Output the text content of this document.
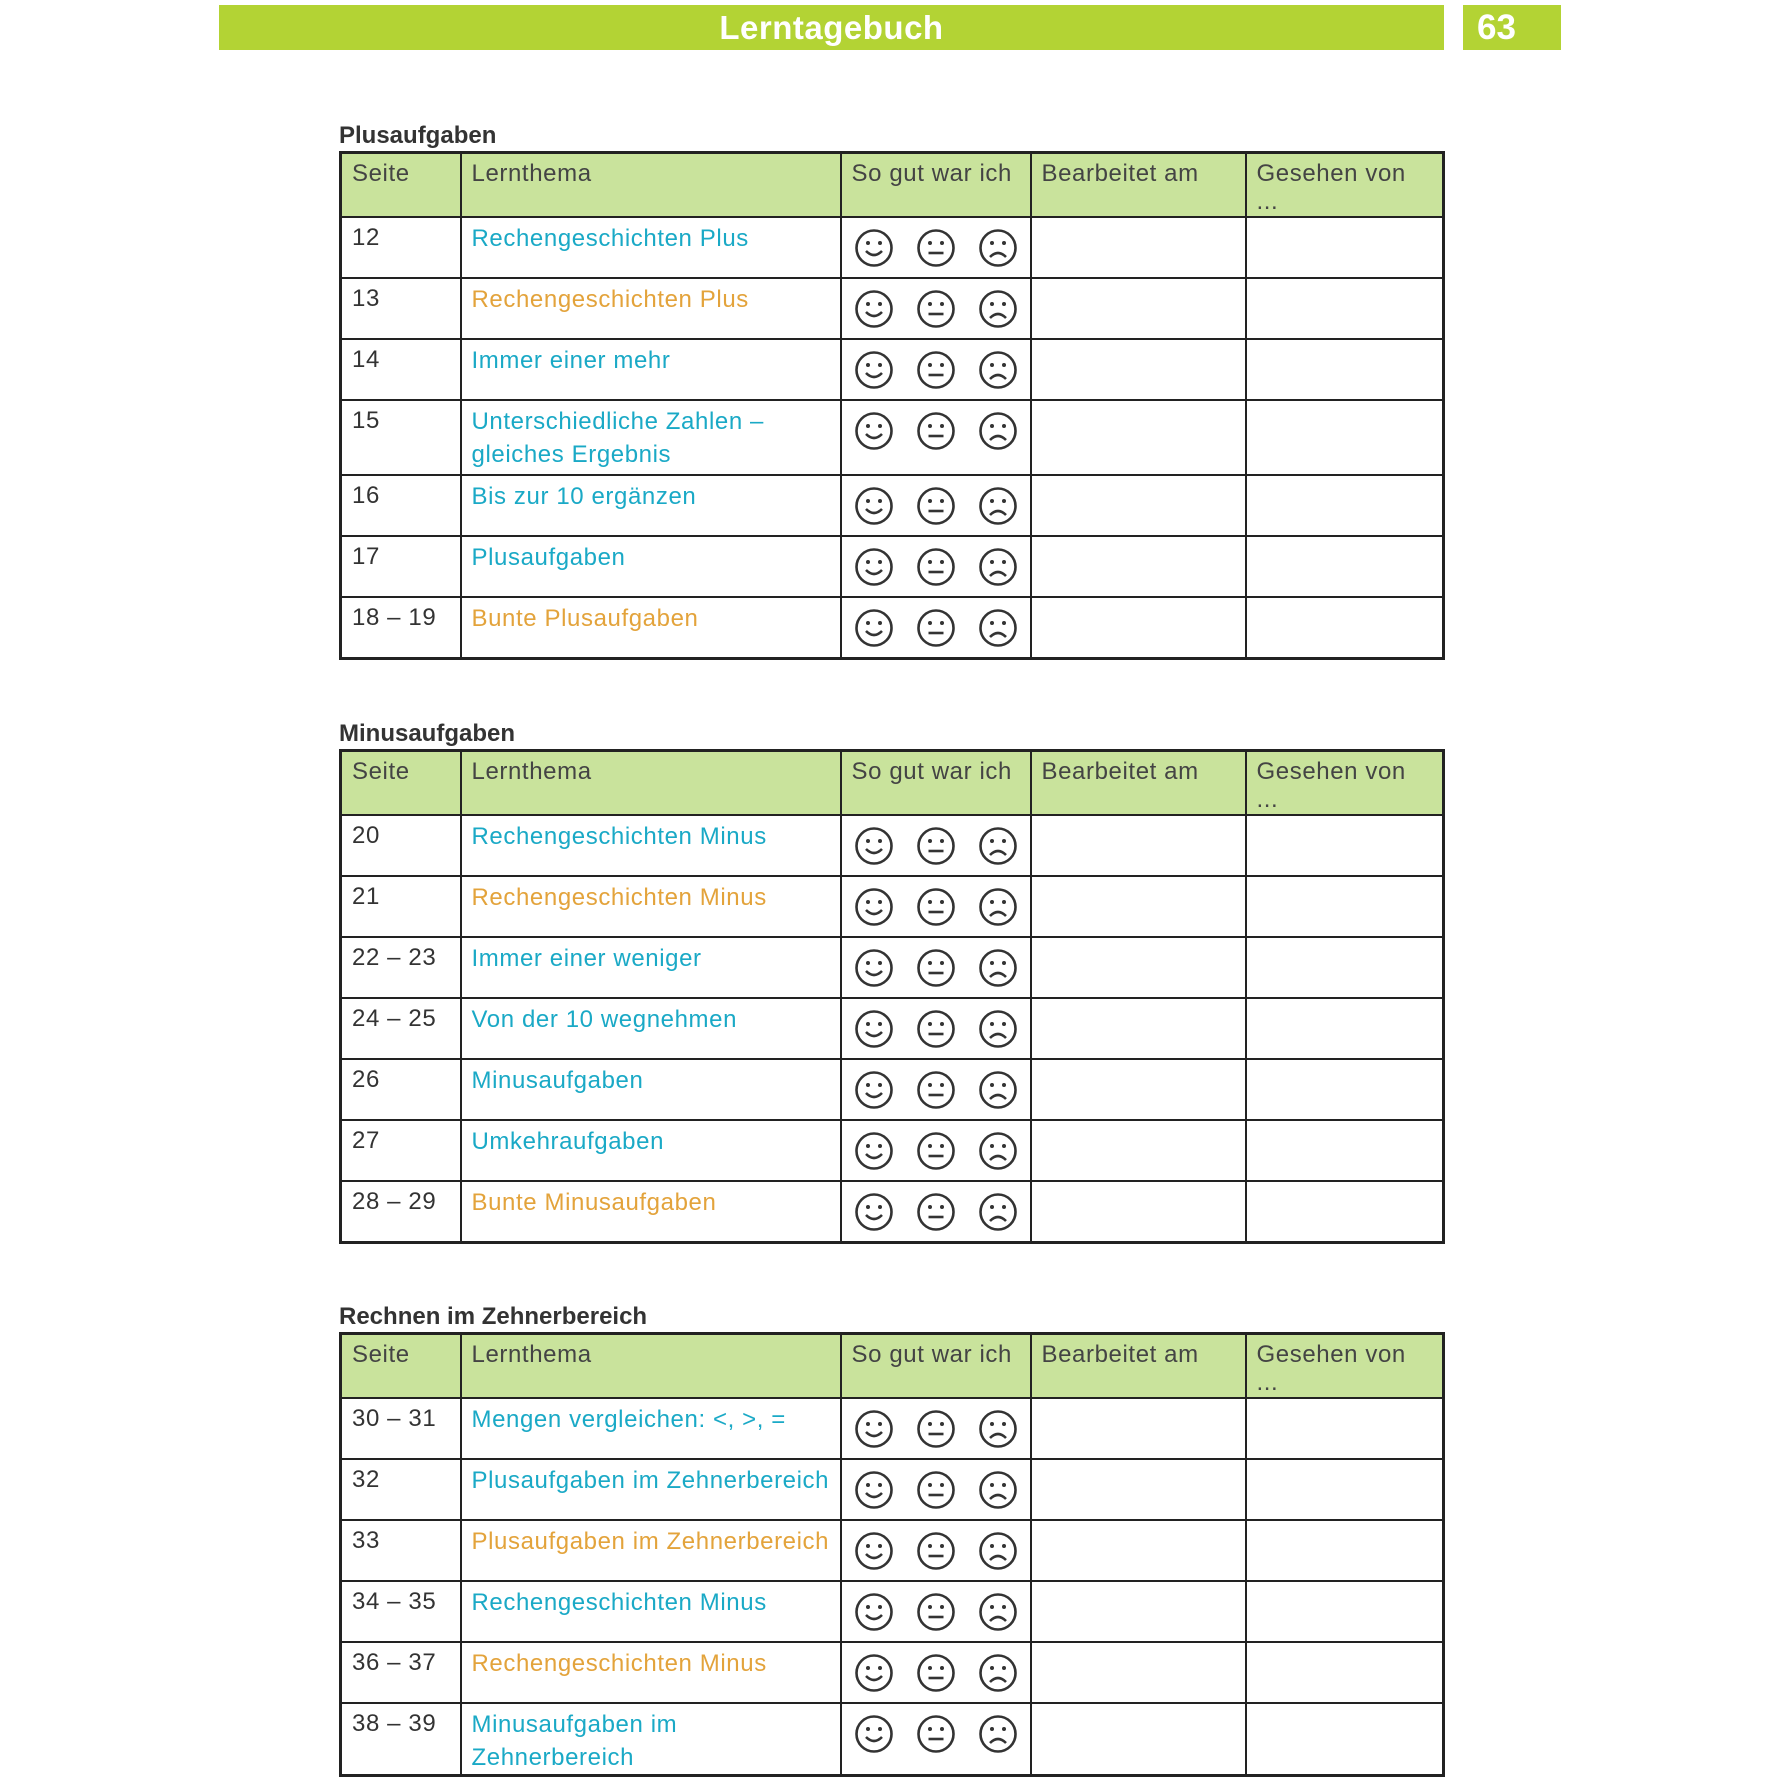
Lerntagebuch	63
Plusaufgaben
Seite	Lernthema	So gut war ich	Bearbeitet am	Gesehen von ...
12	Rechengeschichten Plus	

13	Rechengeschichten Plus	

14	Immer einer mehr	

15	Unterschiedliche Zahlen – gleiches Ergebnis	

16	Bis zur 10 ergänzen	

17	Plusaufgaben	

18 – 19	Bunte Plusaufgaben	

Minusaufgaben
Seite	Lernthema	So gut war ich	Bearbeitet am	Gesehen von ...
20	Rechengeschichten Minus	

21	Rechengeschichten Minus	

22 – 23	Immer einer weniger	

24 – 25	Von der 10 wegnehmen	

26	Minusaufgaben	

27	Umkehraufgaben	

28 – 29	Bunte Minusaufgaben	

Rechnen im Zehnerbereich
Seite	Lernthema	So gut war ich	Bearbeitet am	Gesehen von ...
30 – 31	Mengen vergleichen: <, >, =	

32	Plusaufgaben im Zehnerbereich	

33	Plusaufgaben im Zehnerbereich	

34 – 35	Rechengeschichten Minus	

36 – 37	Rechengeschichten Minus	

38 – 39	Minusaufgaben im Zehnerbereich	
